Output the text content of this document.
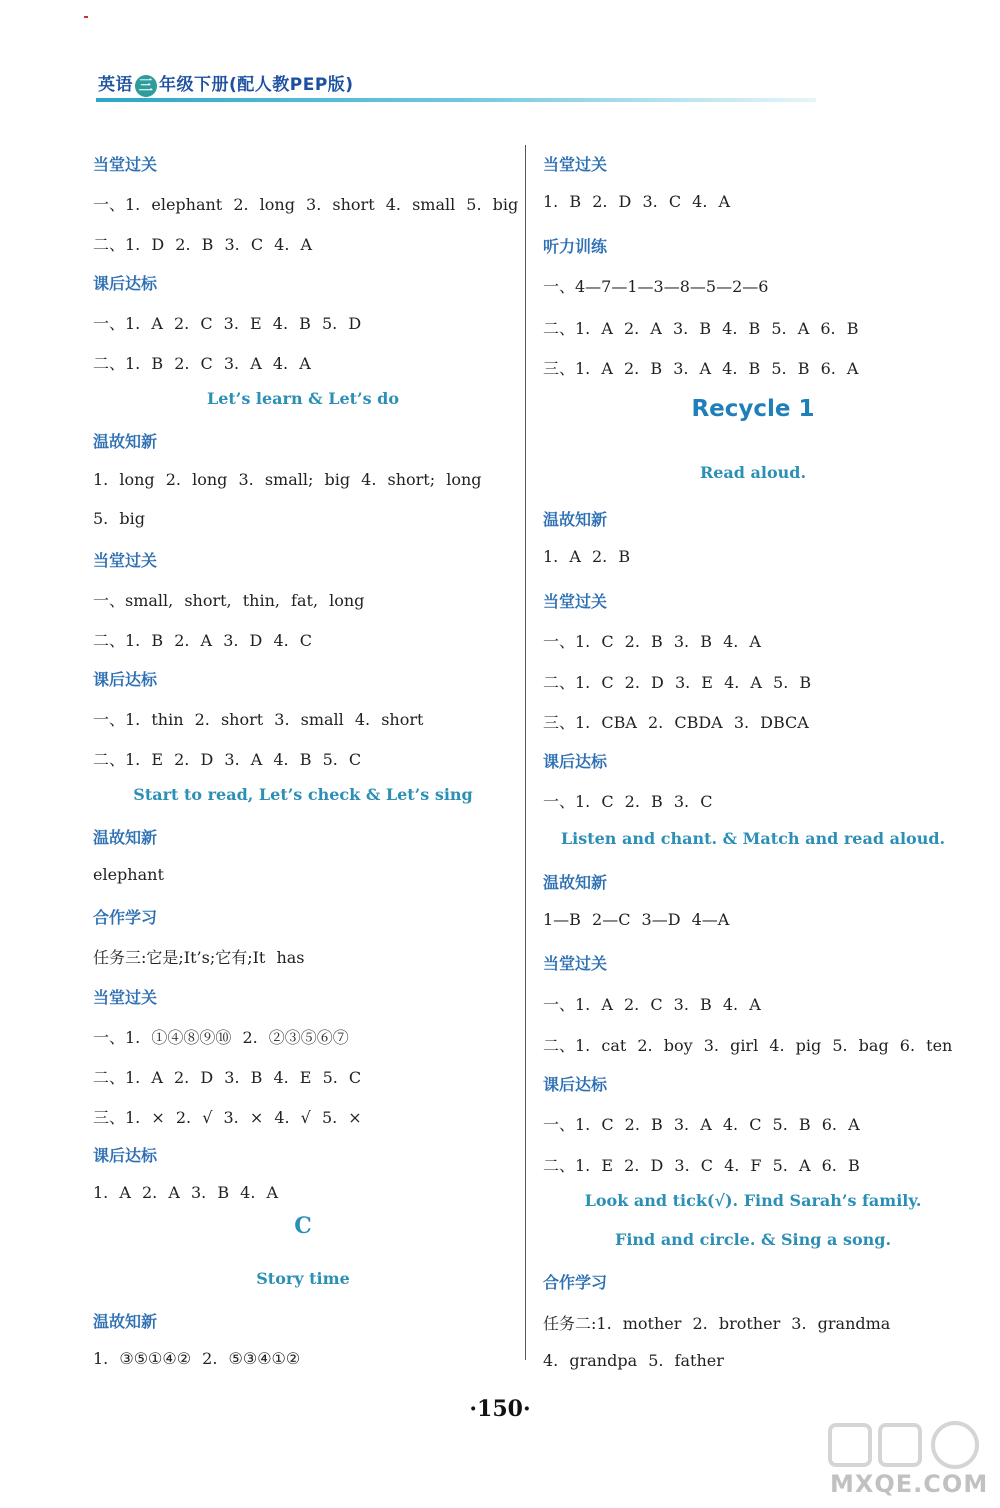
英语 三 年级下册(配人教PEP版)
当堂过关
一、1. elephant 2. long 3. short 4. small 5. big
二、1. D 2. B 3. C 4. A
课后达标
一、1. A 2. C 3. E 4. B 5. D
二、1. B 2. C 3. A 4. A
Let’s learn & Let’s do
温故知新
1. long 2. long 3. small; big 4. short; long
5. big
当堂过关
一、small, short, thin, fat, long
二、1. B 2. A 3. D 4. C
课后达标
一、1. thin 2. short 3. small 4. short
二、1. E 2. D 3. A 4. B 5. C
Start to read, Let’s check & Let’s sing
温故知新
elephant
合作学习
任务三:它是;It’s;它有;It has
当堂过关
一、1. ①④⑧⑨⑩ 2. ②③⑤⑥⑦
二、1. A 2. D 3. B 4. E 5. C
三、1. × 2. √ 3. × 4. √ 5. ×
课后达标
1. A 2. A 3. B 4. A
C
Story time
温故知新
1. ③⑤①④② 2. ⑤③④①②
当堂过关
1. B 2. D 3. C 4. A
听力训练
一、4—7—1—3—8—5—2—6
二、1. A 2. A 3. B 4. B 5. A 6. B
三、1. A 2. B 3. A 4. B 5. B 6. A
Recycle 1
Read aloud.
温故知新
1. A 2. B
当堂过关
一、1. C 2. B 3. B 4. A
二、1. C 2. D 3. E 4. A 5. B
三、1. CBA 2. CBDA 3. DBCA
课后达标
一、1. C 2. B 3. C
Listen and chant. & Match and read aloud.
温故知新
1—B 2—C 3—D 4—A
当堂过关
一、1. A 2. C 3. B 4. A
二、1. cat 2. boy 3. girl 4. pig 5. bag 6. ten
课后达标
一、1. C 2. B 3. A 4. C 5. B 6. A
二、1. E 2. D 3. C 4. F 5. A 6. B
Look and tick(√). Find Sarah’s family.
Find and circle. & Sing a song.
合作学习
任务二:1. mother 2. brother 3. grandma
4. grandpa 5. father
·150·
MXQE.COM
